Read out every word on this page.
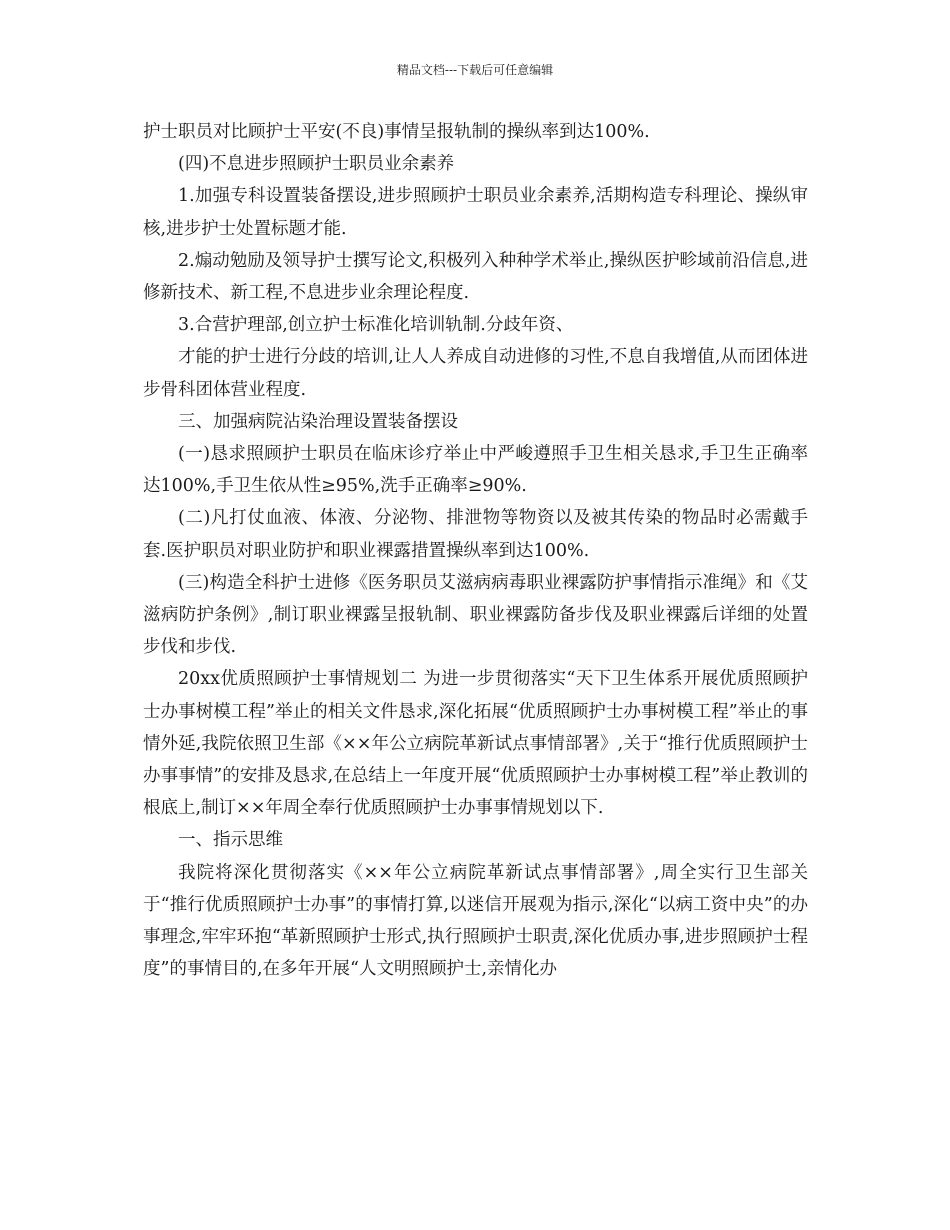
精品文档---下载后可任意编辑

护士职员对比顾护士平安(不良)事情呈报轨制的操纵率到达100%.

(四)不息进步照顾护士职员业余素养

1.加强专科设置装备摆设,进步照顾护士职员业余素养,活期构造专科理论、操纵审核,进步护士处置标题才能.

2.煽动勉励及领导护士撰写论文,积极列入种种学术举止,操纵医护畛域前沿信息,进修新技术、新工程,不息进步业余理论程度.

3.合营护理部,创立护士标准化培训轨制.分歧年资、

才能的护士进行分歧的培训,让人人养成自动进修的习性,不息自我增值,从而团体进步骨科团体营业程度.

三、加强病院沾染治理设置装备摆设

(一)恳求照顾护士职员在临床诊疗举止中严峻遵照手卫生相关恳求,手卫生正确率达100%,手卫生依从性≥95%,洗手正确率≥90%.

(二)凡打仗血液、体液、分泌物、排泄物等物资以及被其传染的物品时必需戴手套.医护职员对职业防护和职业裸露措置操纵率到达100%.

(三)构造全科护士进修《医务职员艾滋病病毒职业裸露防护事情指示准绳》和《艾滋病防护条例》,制订职业裸露呈报轨制、职业裸露防备步伐及职业裸露后详细的处置步伐和步伐.

20xx优质照顾护士事情规划二 为进一步贯彻落实“天下卫生体系开展优质照顾护士办事树模工程”举止的相关文件恳求,深化拓展“优质照顾护士办事树模工程”举止的事情外延,我院依照卫生部《××年公立病院革新试点事情部署》,关于“推行优质照顾护士办事事情”的安排及恳求,在总结上一年度开展“优质照顾护士办事树模工程”举止教训的根底上,制订××年周全奉行优质照顾护士办事事情规划以下.

一、指示思维

我院将深化贯彻落实《××年公立病院革新试点事情部署》,周全实行卫生部关于“推行优质照顾护士办事”的事情打算,以迷信开展观为指示,深化“以病工资中央”的办事理念,牢牢环抱“革新照顾护士形式,执行照顾护士职责,深化优质办事,进步照顾护士程度”的事情目的,在多年开展“人文明照顾护士,亲情化办
